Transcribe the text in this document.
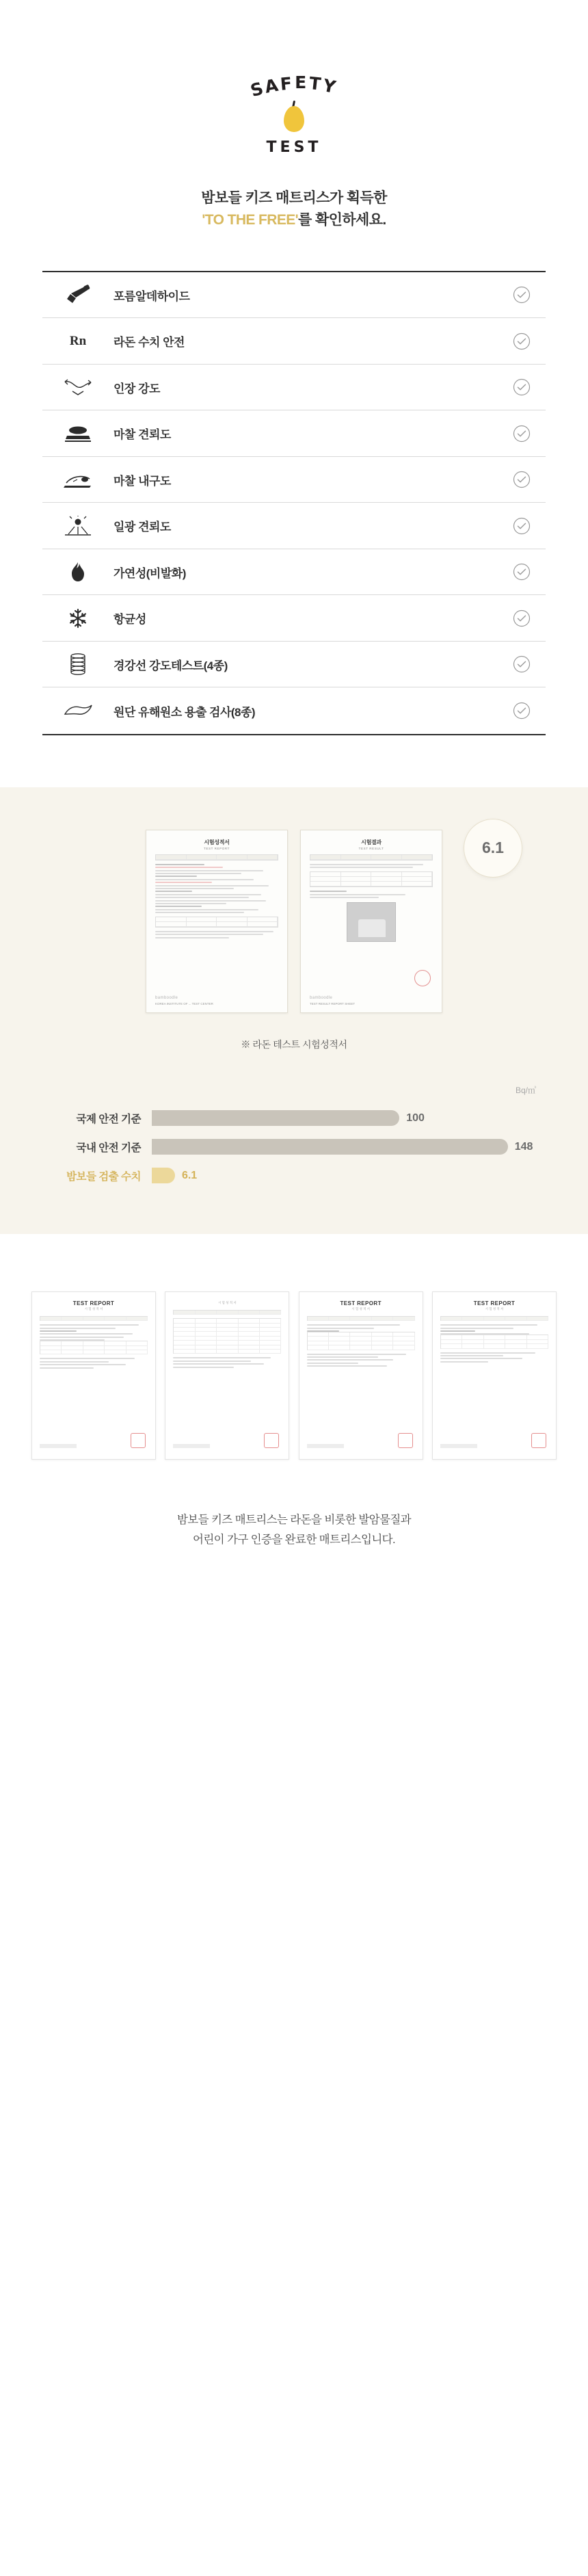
SAFETY
TEST
밤보들 키즈 매트리스가 획득한
'TO THE FREE'를 확인하세요.
포름알데하이드
Rn 라돈 수치 안전
인장 강도
마찰 견뢰도
마찰 내구도
일광 견뢰도
가연성(비발화)
항균성
경강선 강도테스트(4종)
원단 유해원소 용출 검사(8종)
시험성적서
TEST REPORT
bamboodle
KOREA INSTITUTE OF ... TEST CENTER
시험결과
TEST RESULT
bamboodle
TEST RESULT REPORT SHEET
6.1
※ 라돈 테스트 시험성적서
Bq/㎥
국제 안전 기준	100
국내 안전 기준	148
밤보들 검출 수치	6.1
TEST REPORT
시 험 성 적 서
시 험 성 적 서	TEST REPORT
시 험 성 적 서
TEST REPORT
시 험 성 적 서
밤보들 키즈 매트리스는 라돈을 비롯한 발암물질과
어린이 가구 인증을 완료한 매트리스입니다.
